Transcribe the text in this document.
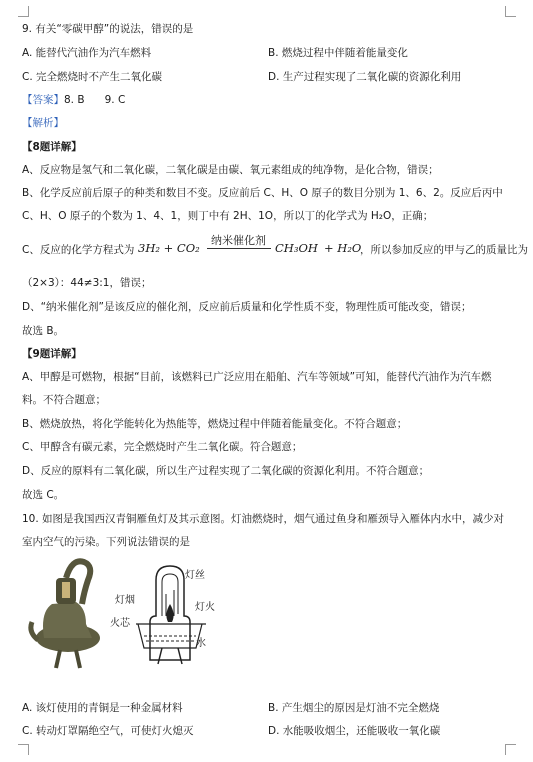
9. 有关“零碳甲醇”的说法，错误的是
A. 能替代汽油作为汽车燃料	B. 燃烧过程中伴随着能量变化
C. 完全燃烧时不产生二氧化碳	D. 生产过程实现了二氧化碳的资源化利用
【答案】8. B      9. C
【解析】
【8题详解】
A、反应物是氢气和二氧化碳，二氧化碳是由碳、氧元素组成的纯净物，是化合物，错误；
B、化学反应前后原子的种类和数目不变。反应前后 C、H、O 原子的数目分别为 1、6、2。反应后丙中
C、H、O 原子的个数为 1、4、1，则丁中有 2H、1O，所以丁的化学式为 H₂O，正确；
C、反应的化学方程式为 3H₂ + CO₂
纳米催化剂
CH₃OH + H₂O
，所以参加反应的甲与乙的质量比为
（2×3）：44≠3:1，错误；
D、“纳米催化剂”是该反应的催化剂，反应前后质量和化学性质不变，物理性质可能改变，错误；
故选 B。
【9题详解】
A、甲醇是可燃物，根据“目前，该燃料已广泛应用在船舶、汽车等领域”可知，能替代汽油作为汽车燃
料。不符合题意；
B、燃烧放热，将化学能转化为热能等，燃烧过程中伴随着能量变化。不符合题意；
C、甲醇含有碳元素，完全燃烧时产生二氧化碳。符合题意；
D、反应的原料有二氧化碳，所以生产过程实现了二氧化碳的资源化利用。不符合题意；
故选 C。
10. 如图是我国西汉青铜雁鱼灯及其示意图。灯油燃烧时，烟气通过鱼身和雁颈导入雁体内水中，减少对
室内空气的污染。下列说法错误的是
灯丝
灯烟
灯火
火芯
水
A. 该灯使用的青铜是一种金属材料	B. 产生烟尘的原因是灯油不完全燃烧
C. 转动灯罩隔绝空气，可使灯火熄灭	D. 水能吸收烟尘，还能吸收一氧化碳
